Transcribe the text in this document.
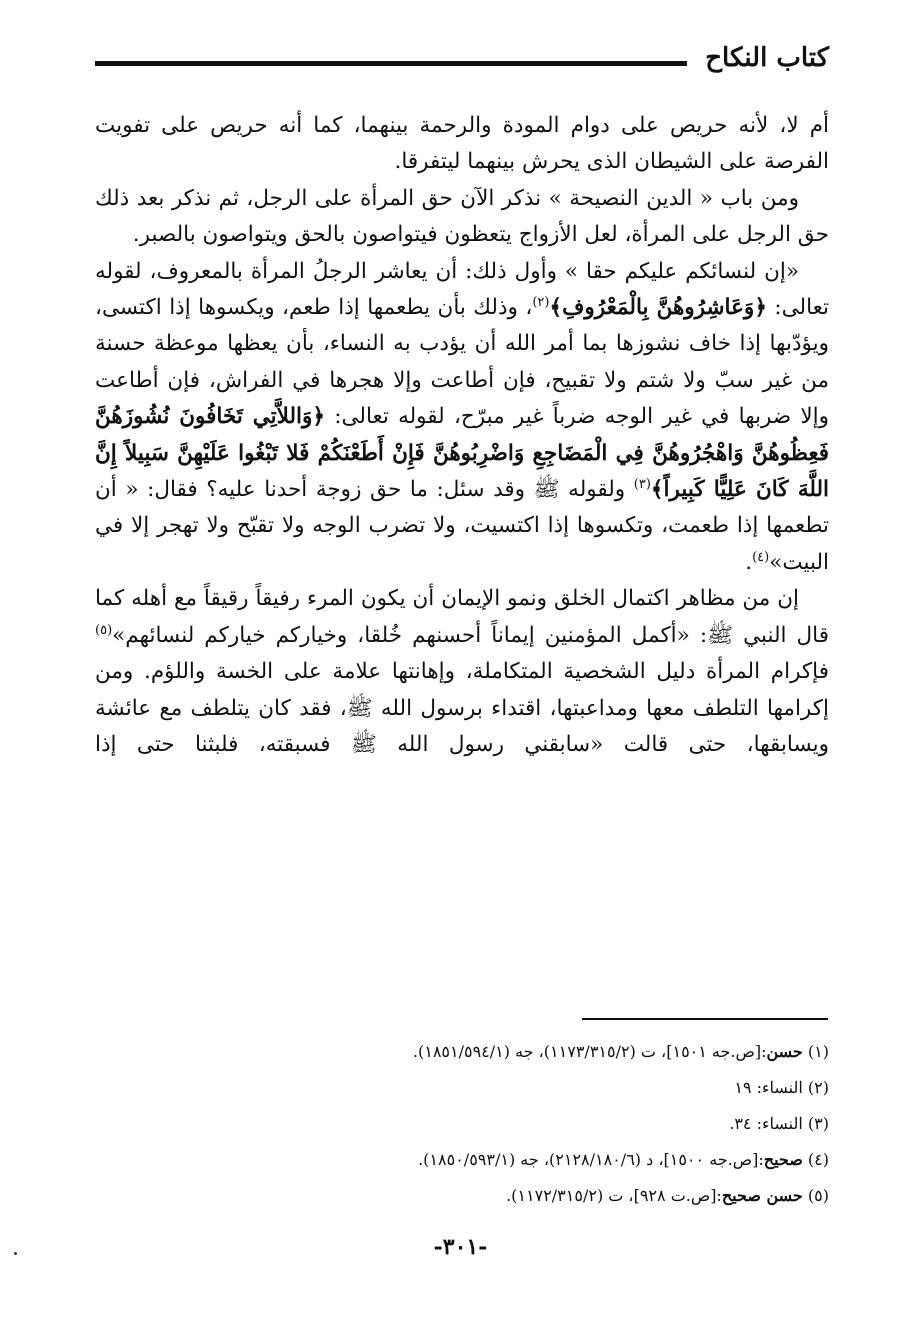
كتاب النكاح

أم لا، لأنه حريص على دوام المودة والرحمة بينهما، كما أنه حريص على تفويت الفرصة على الشيطان الذى يحرش بينهما ليتفرقا.

ومن باب « الدين النصيحة » نذكر الآن حق المرأة على الرجل، ثم نذكر بعد ذلك حق الرجل على المرأة، لعل الأزواج يتعظون فيتواصون بالحق ويتواصون بالصبر.

«إن لنسائكم عليكم حقا » وأول ذلك: أن يعاشر الرجلُ المرأة بالمعروف، لقوله تعالى: ﴿وَعَاشِرُوهُنَّ بِالْمَعْرُوفِ﴾$^{(٢)}$، وذلك بأن يطعمها إذا طعم، ويكسوها إذا اكتسى، ويؤدّبها إذا خاف نشوزها بما أمر الله أن يؤدب به النساء، بأن يعظها موعظة حسنة من غير سبّ ولا شتم ولا تقبيح، فإن أطاعت وإلا هجرها في الفراش، فإن أطاعت وإلا ضربها في غير الوجه ضرباً غير مبرّح، لقوله تعالى: ﴿وَاللاَّتِي تَخَافُونَ نُشُوزَهُنَّ فَعِظُوهُنَّ وَاهْجُرُوهُنَّ فِي الْمَضَاجِعِ وَاضْرِبُوهُنَّ فَإِنْ أَطَعْنَكُمْ فَلا تَبْغُوا عَلَيْهِنَّ سَبِيلاً إِنَّ اللَّهَ كَانَ عَلِيًّا كَبِيراً﴾$^{(٣)}$ ولقوله ﷺ وقد سئل: ما حق زوجة أحدنا عليه؟ فقال: « أن تطعمها إذا طعمت، وتكسوها إذا اكتسيت، ولا تضرب الوجه ولا تقبّح ولا تهجر إلا في البيت»$^{(٤)}$.

إن من مظاهر اكتمال الخلق ونمو الإيمان أن يكون المرء رفيقاً رقيقاً مع أهله كما قال النبي ﷺ: «أكمل المؤمنين إيماناً أحسنهم خُلقا، وخياركم خياركم لنسائهم»$^{(٥)}$ فإكرام المرأة دليل الشخصية المتكاملة، وإهانتها علامة على الخسة واللؤم. ومن إكرامها التلطف معها ومداعبتها، اقتداء برسول الله ﷺ، فقد كان يتلطف مع عائشة ويسابقها، حتى قالت «سابقني رسول الله ﷺ فسبقته، فلبثنا حتى إذا

(١) حسن:[ص.جه ١٥٠١]، ت (١١٧٣/٣١٥/٢)، جه (١٨٥١/٥٩٤/١).
(٢) النساء: ١٩
(٣) النساء: ٣٤.
(٤) صحيح:[ص.جه ١٥٠٠]، د (٢١٢٨/١٨٠/٦)، جه (١٨٥٠/٥٩٣/١).
(٥) حسن صحيح:[ص.ت ٩٢٨]، ت (١١٧٢/٣١٥/٢).
-٣٠١-
